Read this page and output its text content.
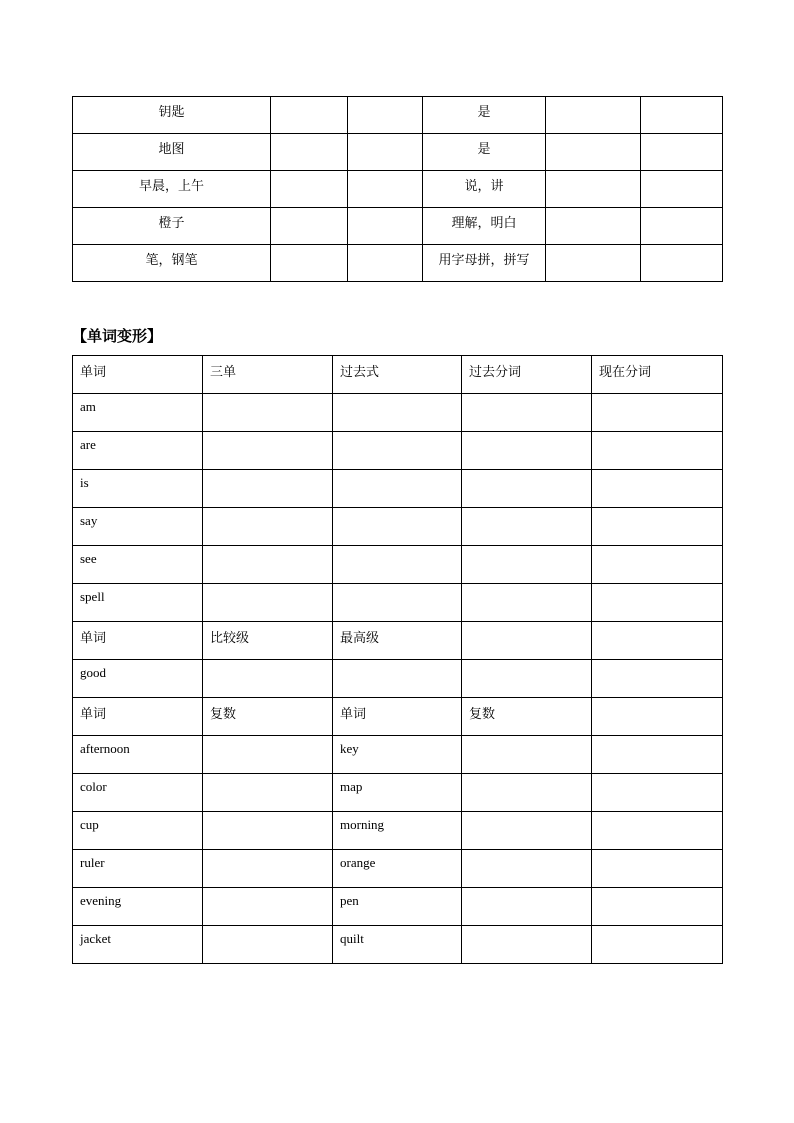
钥匙			是		
地图			是		
早晨，上午			说，讲		
橙子			理解，明白		
笔，钢笔			用字母拼，拼写		
【单词变形】
单词	三单	过去式	过去分词	现在分词
am				
are				
is				
say				
see				
spell				
单词	比较级	最高级		
good				
单词	复数	单词	复数	
afternoon		key		
color		map		
cup		morning		
ruler		orange		
evening		pen		
jacket		quilt		
